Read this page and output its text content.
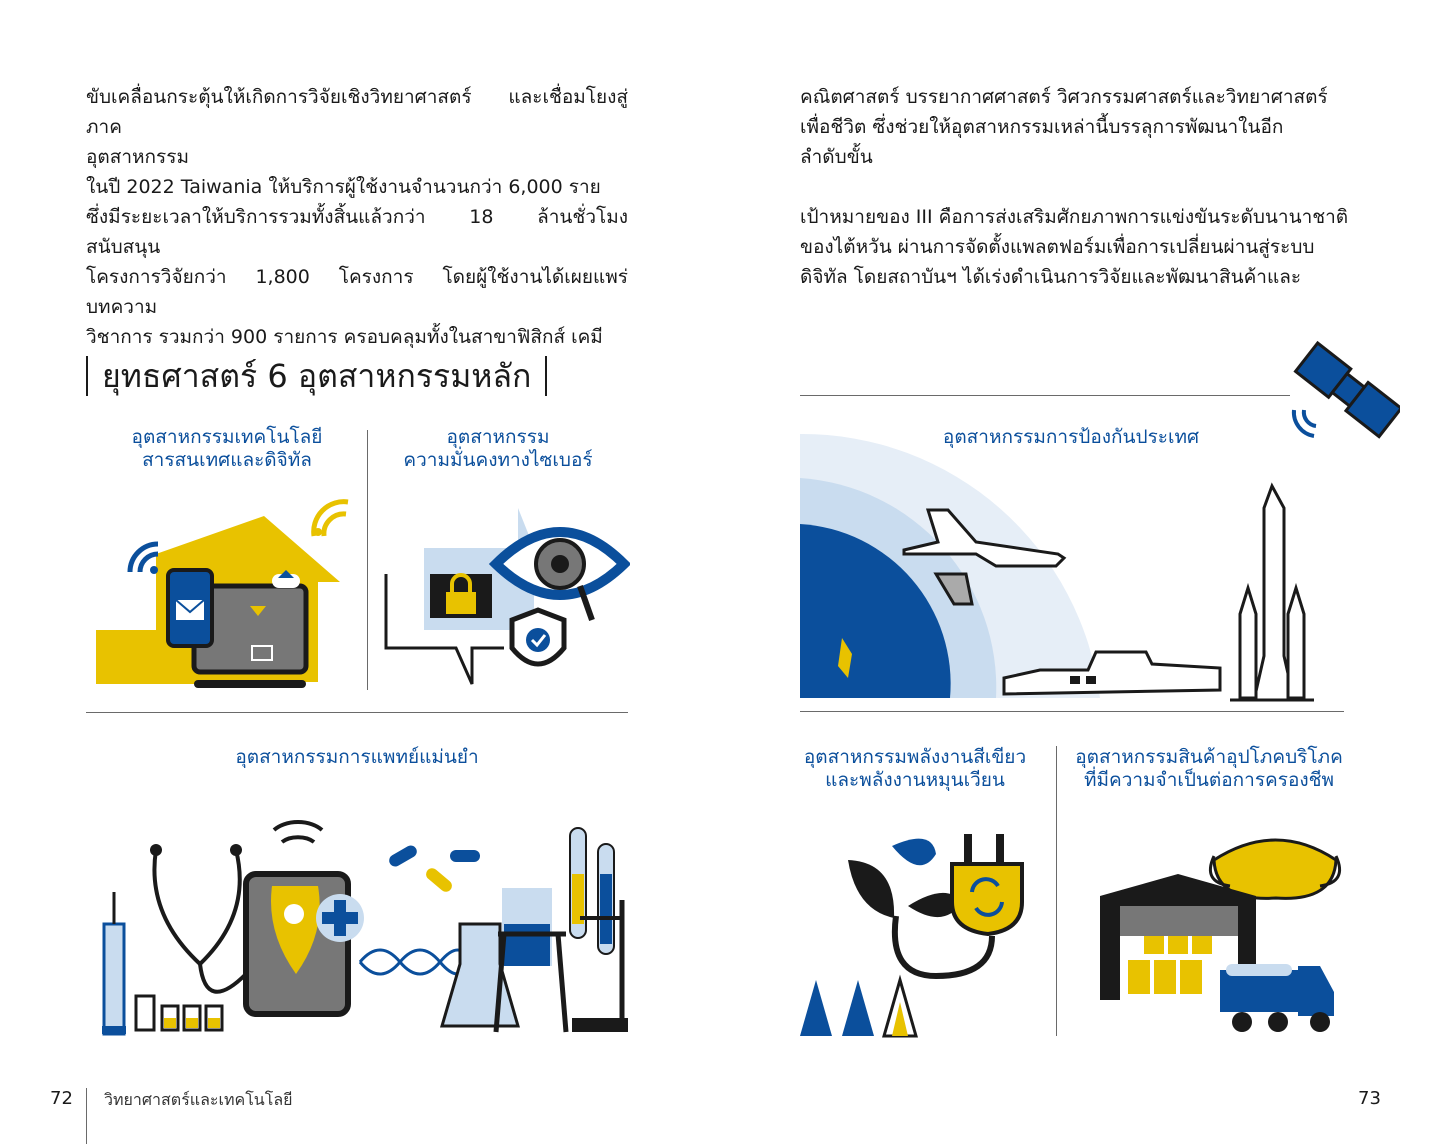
ขับเคลื่อนกระตุ้นให้เกิดการวิจัยเชิงวิทยาศาสตร์ และเชื่อมโยงสู่ภาค

อุตสาหกรรม

ในปี 2022 Taiwania ให้บริการผู้ใช้งานจำนวนกว่า 6,000 ราย

ซึ่งมีระยะเวลาให้บริการรวมทั้งสิ้นแล้วกว่า 18 ล้านชั่วโมง สนับสนุน

โครงการวิจัยกว่า 1,800 โครงการ โดยผู้ใช้งานได้เผยแพร่บทความ

วิชาการ รวมกว่า 900 รายการ ครอบคลุมทั้งในสาขาฟิสิกส์ เคมี

คณิตศาสตร์ บรรยากาศศาสตร์ วิศวกรรมศาสตร์และวิทยาศาสตร์

เพื่อชีวิต ซึ่งช่วยให้อุตสาหกรรมเหล่านี้บรรลุการพัฒนาในอีก

ลำดับขั้น

เป้าหมายของ III คือการส่งเสริมศักยภาพการแข่งขันระดับนานาชาติ

ของไต้หวัน ผ่านการจัดตั้งแพลตฟอร์มเพื่อการเปลี่ยนผ่านสู่ระบบ

ดิจิทัล โดยสถาบันฯ ได้เร่งดำเนินการวิจัยและพัฒนาสินค้าและ

ยุทธศาสตร์ 6 อุตสาหกรรมหลัก
อุตสาหกรรมเทคโนโลยี
สารสนเทศและดิจิทัล
อุตสาหกรรม
ความมั่นคงทางไซเบอร์
อุตสาหกรรมการแพทย์แม่นยำ
อุตสาหกรรมการป้องกันประเทศ
อุตสาหกรรมพลังงานสีเขียว
และพลังงานหมุนเวียน
อุตสาหกรรมสินค้าอุปโภคบริโภค
ที่มีความจำเป็นต่อการครองชีพ
72 วิทยาศาสตร์และเทคโนโลยี	73
